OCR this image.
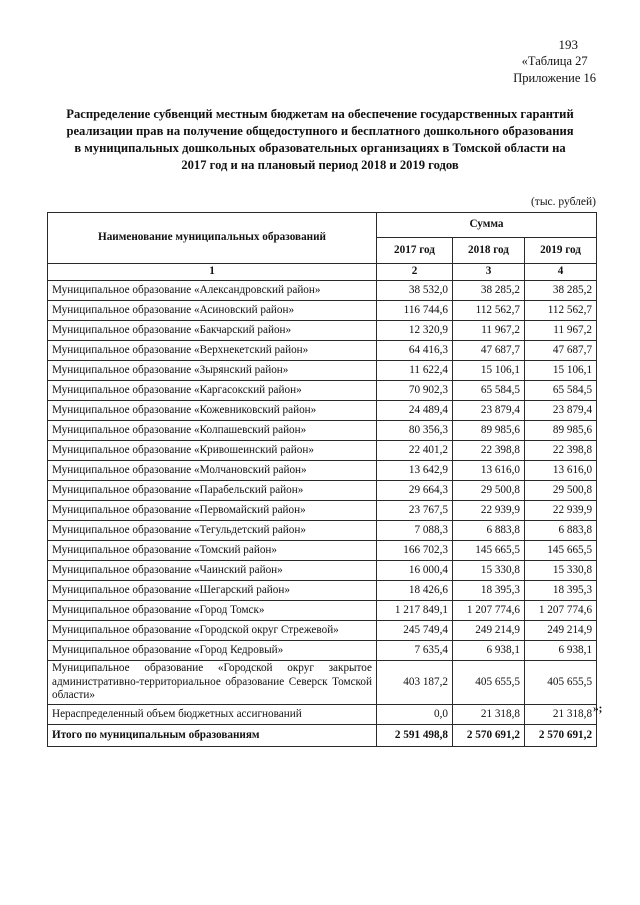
193
«Таблица 27
Приложение 16
Распределение субвенций местным бюджетам на обеспечение государственных гарантий реализации прав на получение общедоступного и бесплатного дошкольного образования в муниципальных дошкольных образовательных организациях в Томской области на 2017 год и на плановый период 2018 и 2019 годов
(тыс. рублей)
Наименование муниципальных образований	Сумма		
	2017 год	2018 год	2019 год
1	2	3	4
Муниципальное образование «Александровский район»	38 532,0	38 285,2	38 285,2
Муниципальное образование «Асиновский район»	116 744,6	112 562,7	112 562,7
Муниципальное образование «Бакчарский район»	12 320,9	11 967,2	11 967,2
Муниципальное образование «Верхнекетский район»	64 416,3	47 687,7	47 687,7
Муниципальное образование «Зырянский район»	11 622,4	15 106,1	15 106,1
Муниципальное образование «Каргасокский район»	70 902,3	65 584,5	65 584,5
Муниципальное образование «Кожевниковский район»	24 489,4	23 879,4	23 879,4
Муниципальное образование «Колпашевский район»	80 356,3	89 985,6	89 985,6
Муниципальное образование «Кривошеинский район»	22 401,2	22 398,8	22 398,8
Муниципальное образование «Молчановский район»	13 642,9	13 616,0	13 616,0
Муниципальное образование «Парабельский район»	29 664,3	29 500,8	29 500,8
Муниципальное образование «Первомайский район»	23 767,5	22 939,9	22 939,9
Муниципальное образование «Тегульдетский район»	7 088,3	6 883,8	6 883,8
Муниципальное образование «Томский район»	166 702,3	145 665,5	145 665,5
Муниципальное образование «Чаинский район»	16 000,4	15 330,8	15 330,8
Муниципальное образование «Шегарский район»	18 426,6	18 395,3	18 395,3
Муниципальное образование «Город Томск»	1 217 849,1	1 207 774,6	1 207 774,6
Муниципальное образование «Городской округ Стрежевой»	245 749,4	249 214,9	249 214,9
Муниципальное образование «Город Кедровый»	7 635,4	6 938,1	6 938,1
Муниципальное образование «Городской округ закрытое административно-территориальное образование Северск Томской области»	403 187,2	405 655,5	405 655,5
Нераспределенный объем бюджетных ассигнований	0,0	21 318,8	21 318,8
Итого по муниципальным образованиям	2 591 498,8	2 570 691,2	2 570 691,2
»;
